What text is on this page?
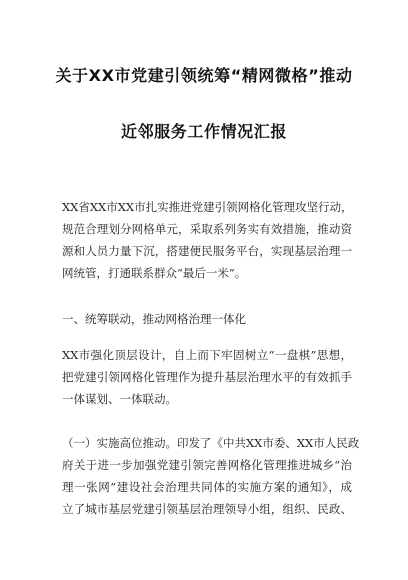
关于XX市党建引领统筹“精网微格”推动
近邻服务工作情况汇报
XX省XX市XX市扎实推进党建引领网格化管理攻坚行动，
规范合理划分网格单元，采取系列务实有效措施，推动资
源和人员力量下沉，搭建便民服务平台，实现基层治理一
网统管，打通联系群众“最后一米”。
一、统筹联动，推动网格治理一体化
XX市强化顶层设计，自上而下牢固树立“一盘棋”思想，
把党建引领网格化管理作为提升基层治理水平的有效抓手
一体谋划、一体联动。
（一）实施高位推动。印发了《中共XX市委、XX市人民政
府关于进一步加强党建引领完善网格化管理推进城乡“治
理一张网”建设社会治理共同体的实施方案的通知》，成
立了城市基层党建引领基层治理领导小组，组织、民政、
